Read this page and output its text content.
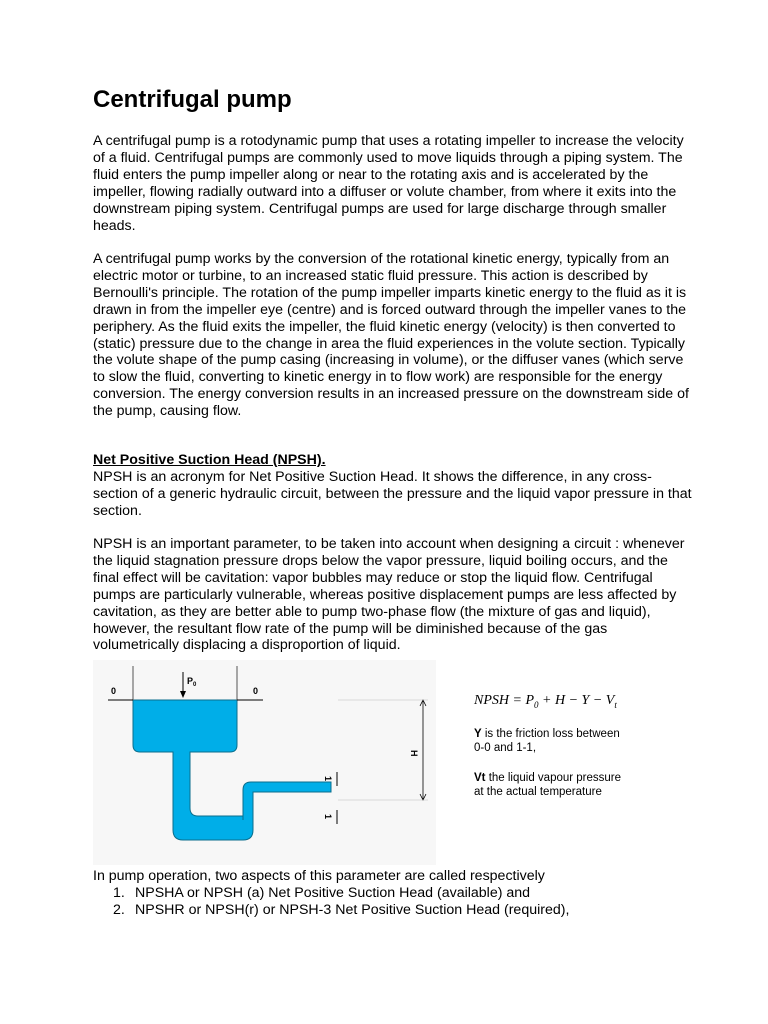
Centrifugal pump

A centrifugal pump is a rotodynamic pump that uses a rotating impeller to increase the velocity of a fluid. Centrifugal pumps are commonly used to move liquids through a piping system. The fluid enters the pump impeller along or near to the rotating axis and is accelerated by the impeller, flowing radially outward into a diffuser or volute chamber, from where it exits into the downstream piping system. Centrifugal pumps are used for large discharge through smaller heads.

A centrifugal pump works by the conversion of the rotational kinetic energy, typically from an electric motor or turbine, to an increased static fluid pressure. This action is described by Bernoulli's principle. The rotation of the pump impeller imparts kinetic energy to the fluid as it is drawn in from the impeller eye (centre) and is forced outward through the impeller vanes to the periphery. As the fluid exits the impeller, the fluid kinetic energy (velocity) is then converted to (static) pressure due to the change in area the fluid experiences in the volute section. Typically the volute shape of the pump casing (increasing in volume), or the diffuser vanes (which serve to slow the fluid, converting to kinetic energy in to flow work) are responsible for the energy conversion. The energy conversion results in an increased pressure on the downstream side of the pump, causing flow.

Net Positive Suction Head (NPSH).

NPSH is an acronym for Net Positive Suction Head. It shows the difference, in any cross-section of a generic hydraulic circuit, between the pressure and the liquid vapor pressure in that section.

NPSH is an important parameter, to be taken into account when designing a circuit : whenever the liquid stagnation pressure drops below the vapor pressure, liquid boiling occurs, and the final effect will be cavitation: vapor bubbles may reduce or stop the liquid flow. Centrifugal pumps are particularly vulnerable, whereas positive displacement pumps are less affected by cavitation, as they are better able to pump two-phase flow (the mixture of gas and liquid), however, the resultant flow rate of the pump will be diminished because of the gas volumetrically displacing a disproportion of liquid.

0	0
$P_0$
H
1
1
NPSH = $P_0 + H - Y - V_t$

Y is the friction loss between
0-0 and 1-1,

Vt the liquid vapour pressure
at the actual temperature

In pump operation, two aspects of this parameter are called respectively

1. NPSHA or NPSH (a) Net Positive Suction Head (available) and
2. NPSHR or NPSH(r) or NPSH-3 Net Positive Suction Head (required),
